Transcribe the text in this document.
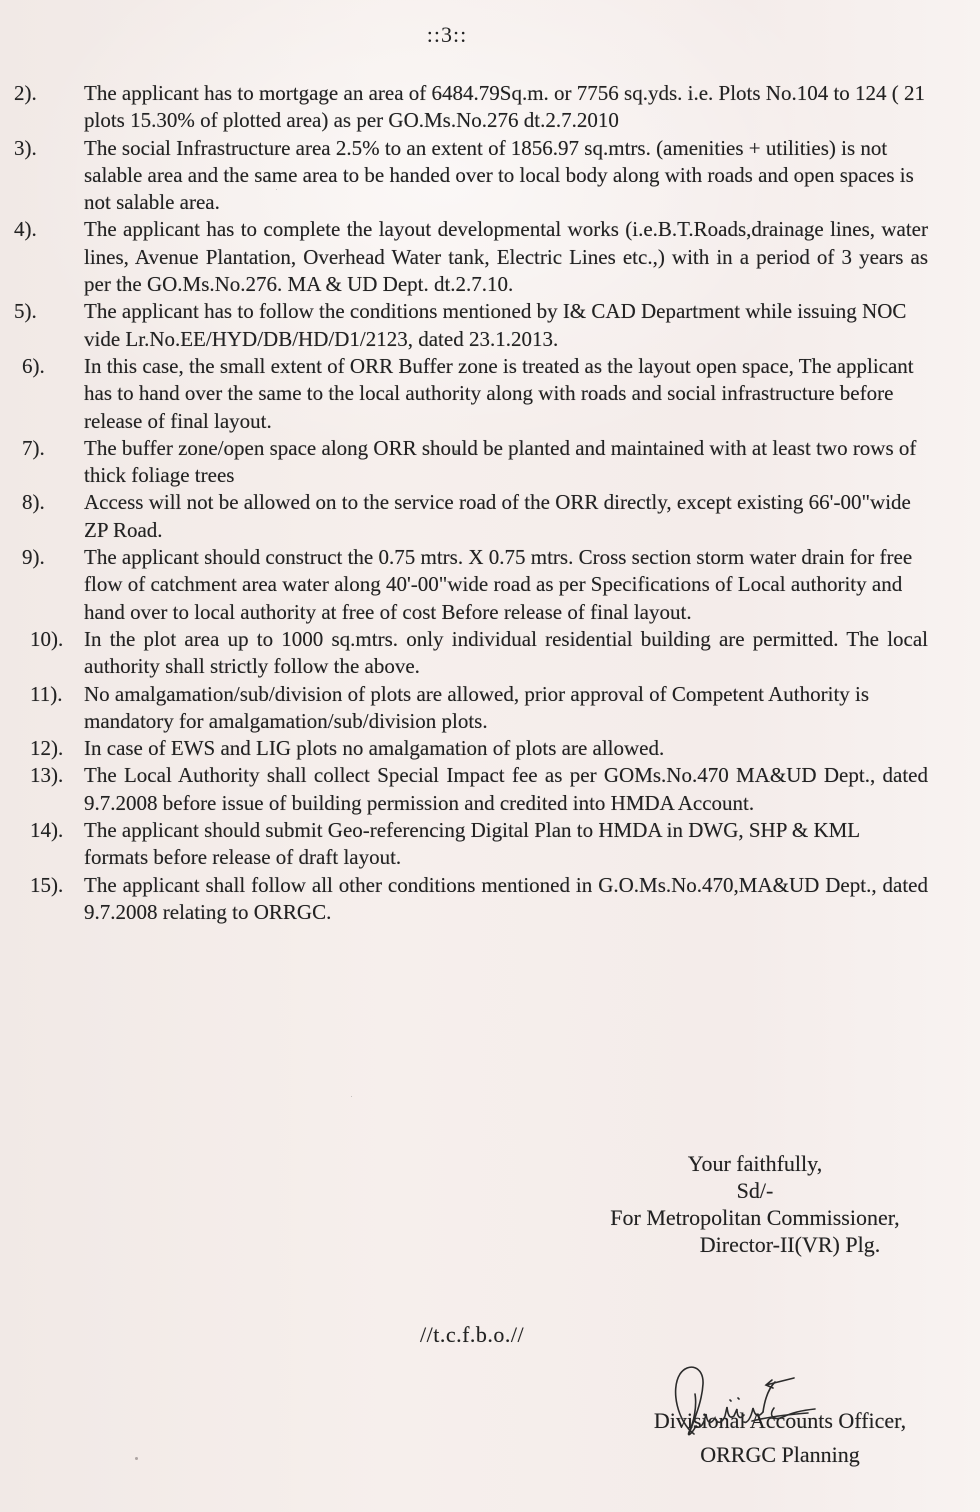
::3::
2).	The applicant has to mortgage an area of 6484.79Sq.m. or 7756 sq.yds. i.e. Plots No.104 to 124 ( 21 plots 15.30% of plotted area) as per GO.Ms.No.276 dt.2.7.2010
3).	The social Infrastructure area 2.5% to an extent of 1856.97 sq.mtrs. (amenities + utilities) is not salable area and the same area to be handed over to local body along with roads and open spaces is not salable area.
4).	The applicant has to complete the layout developmental works (i.e.B.T.Roads,drainage lines, water lines, Avenue Plantation, Overhead Water tank, Electric Lines etc.,) with in a period of 3 years as per the GO.Ms.No.276. MA & UD Dept. dt.2.7.10.
5).	The applicant has to follow the conditions mentioned by I& CAD Department while issuing NOC vide Lr.No.EE/HYD/DB/HD/D1/2123, dated 23.1.2013.
6).	In this case, the small extent of ORR Buffer zone is treated as the layout open space, The applicant has to hand over the same to the local authority along with roads and social infrastructure before release of final layout.
7).	The buffer zone/open space along ORR should be planted and maintained with at least two rows of thick foliage trees
8).	Access will not be allowed on to the service road of the ORR directly, except existing 66'-00"wide ZP Road.
9).	The applicant should construct the 0.75 mtrs. X 0.75 mtrs. Cross section storm water drain for free flow of catchment area water along 40'-00"wide road as per Specifications of Local authority and hand over to local authority at free of cost Before release of final layout.
10). In the plot area up to 1000 sq.mtrs. only individual residential building are permitted. The local authority shall strictly follow the above.
11).	No amalgamation/sub/division of plots are allowed, prior approval of Competent Authority is mandatory for amalgamation/sub/division plots.
12). In case of EWS and LIG plots no amalgamation of plots are allowed.
13). The Local Authority shall collect Special Impact fee as per GOMs.No.470 MA&UD Dept., dated 9.7.2008 before issue of building permission and credited into HMDA Account.
14). The applicant should submit Geo-referencing Digital Plan to HMDA in DWG, SHP & KML formats before release of draft layout.
15). The applicant shall follow all other conditions mentioned in G.O.Ms.No.470,MA&UD Dept., dated 9.7.2008 relating to ORRGC.
Your faithfully,
Sd/-
For Metropolitan Commissioner,
Director-II(VR) Plg.
//t.c.f.b.o.//
Divisional Accounts Officer,
ORRGC Planning
